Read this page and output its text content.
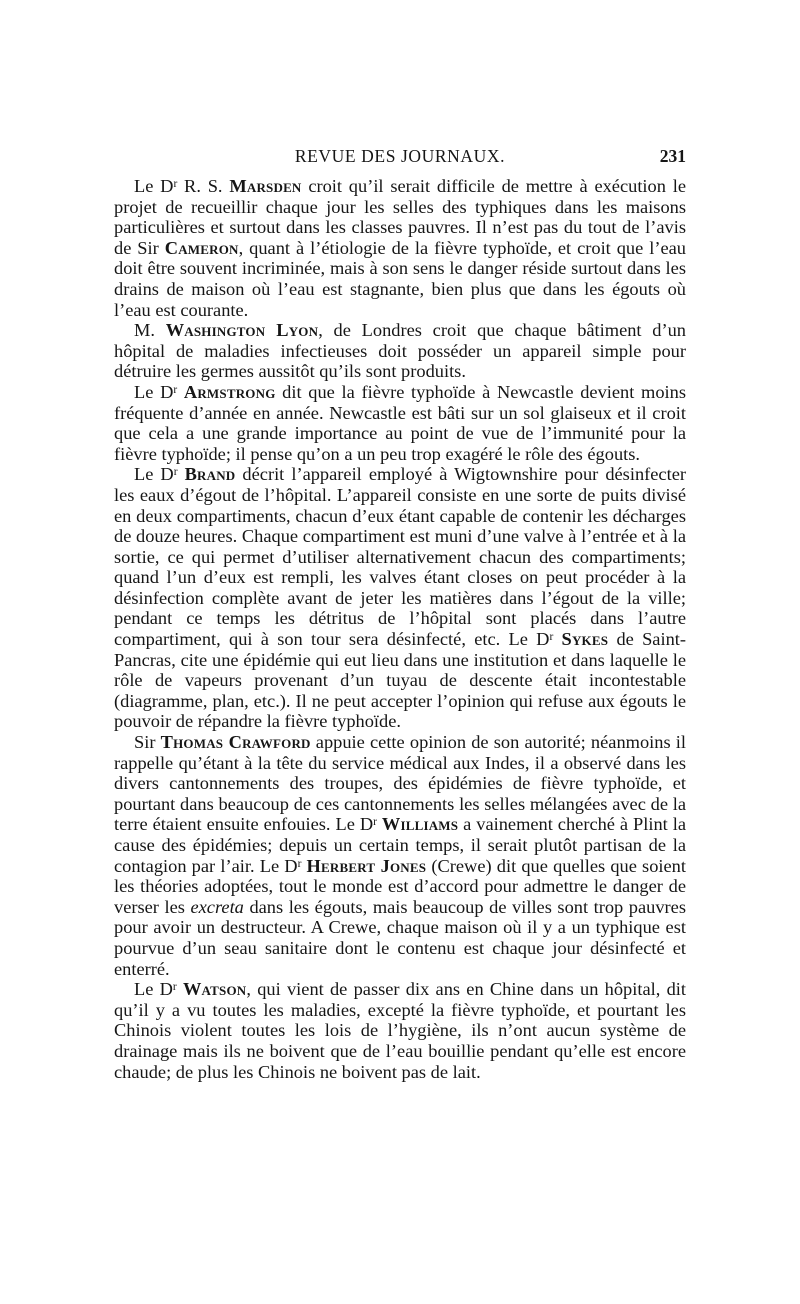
REVUE DES JOURNAUX.	231

Le $D^r$ R. S. Marsden croit qu’il serait difficile de mettre à exécution le projet de recueillir chaque jour les selles des typhiques dans les maisons particulières et surtout dans les classes pauvres. Il n’est pas du tout de l’avis de Sir Cameron, quant à l’étiologie de la fièvre typhoïde, et croit que l’eau doit être souvent incriminée, mais à son sens le danger réside surtout dans les drains de maison où l’eau est stagnante, bien plus que dans les égouts où l’eau est courante.

M. Washington Lyon, de Londres croit que chaque bâtiment d’un hôpital de maladies infectieuses doit posséder un appareil simple pour détruire les germes aussitôt qu’ils sont produits.

Le $D^r$ Armstrong dit que la fièvre typhoïde à Newcastle devient moins fréquente d’année en année. Newcastle est bâti sur un sol glaiseux et il croit que cela a une grande importance au point de vue de l’immunité pour la fièvre typhoïde; il pense qu’on a un peu trop exagéré le rôle des égouts.

Le $D^r$ Brand décrit l’appareil employé à Wigtownshire pour désinfecter les eaux d’égout de l’hôpital. L’appareil consiste en une sorte de puits divisé en deux compartiments, chacun d’eux étant capable de contenir les décharges de douze heures. Chaque compartiment est muni d’une valve à l’entrée et à la sortie, ce qui permet d’utiliser alternativement chacun des compartiments; quand l’un d’eux est rempli, les valves étant closes on peut procéder à la désinfection complète avant de jeter les matières dans l’égout de la ville; pendant ce temps les détritus de l’hôpital sont placés dans l’autre compartiment, qui à son tour sera désinfecté, etc. Le $D^r$ Sykes de Saint-Pancras, cite une épidémie qui eut lieu dans une institution et dans laquelle le rôle de vapeurs provenant d’un tuyau de descente était incontestable (diagramme, plan, etc.). Il ne peut accepter l’opinion qui refuse aux égouts le pouvoir de répandre la fièvre typhoïde.

Sir Thomas Crawford appuie cette opinion de son autorité; néanmoins il rappelle qu’étant à la tête du service médical aux Indes, il a observé dans les divers cantonnements des troupes, des épidémies de fièvre typhoïde, et pourtant dans beaucoup de ces cantonnements les selles mélangées avec de la terre étaient ensuite enfouies. Le $D^r$ Williams a vainement cherché à Plint la cause des épidémies; depuis un certain temps, il serait plutôt partisan de la contagion par l’air. Le $D^r$ Herbert Jones (Crewe) dit que quelles que soient les théories adoptées, tout le monde est d’accord pour admettre le danger de verser les excreta dans les égouts, mais beaucoup de villes sont trop pauvres pour avoir un destructeur. A Crewe, chaque maison où il y a un typhique est pourvue d’un seau sanitaire dont le contenu est chaque jour désinfecté et enterré.

Le $D^r$ Watson, qui vient de passer dix ans en Chine dans un hôpital, dit qu’il y a vu toutes les maladies, excepté la fièvre typhoïde, et pourtant les Chinois violent toutes les lois de l’hygiène, ils n’ont aucun système de drainage mais ils ne boivent que de l’eau bouillie pendant qu’elle est encore chaude; de plus les Chinois ne boivent pas de lait.
